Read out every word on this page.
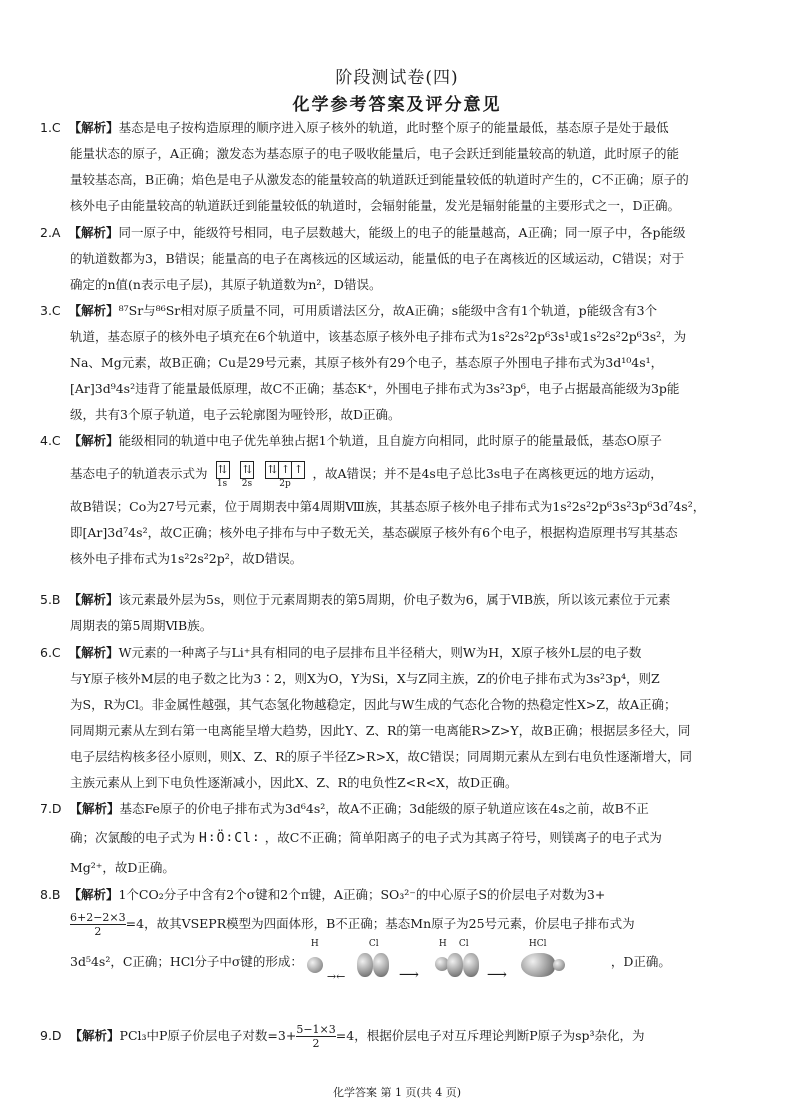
阶段测试卷(四)
化学参考答案及评分意见

1.C 【解析】基态是电子按构造原理的顺序进入原子核外的轨道，此时整个原子的能量最低，基态原子是处于最低

能量状态的原子，A正确；激发态为基态原子的电子吸收能量后，电子会跃迁到能量较高的轨道，此时原子的能

量较基态高，B正确；焰色是电子从激发态的能量较高的轨道跃迁到能量较低的轨道时产生的，C不正确；原子的

核外电子由能量较高的轨道跃迁到能量较低的轨道时，会辐射能量，发光是辐射能量的主要形式之一，D正确。

2.A 【解析】同一原子中，能级符号相同，电子层数越大，能级上的电子的能量越高，A正确；同一原子中，各p能级

的轨道数都为3，B错误；能量高的电子在离核远的区域运动，能量低的电子在离核近的区域运动，C错误；对于

确定的n值(n表示电子层)，其原子轨道数为n²，D错误。

3.C 【解析】⁸⁷Sr与⁸⁶Sr相对原子质量不同，可用质谱法区分，故A正确；s能级中含有1个轨道，p能级含有3个

轨道，基态原子的核外电子填充在6个轨道中，该基态原子核外电子排布式为1s²2s²2p⁶3s¹或1s²2s²2p⁶3s²，为

Na、Mg元素，故B正确；Cu是29号元素，其原子核外有29个电子，基态原子外围电子排布式为3d¹⁰4s¹，

[Ar]3d⁹4s²违背了能量最低原理，故C不正确；基态K⁺，外围电子排布式为3s²3p⁶，电子占据最高能级为3p能

级，共有3个原子轨道，电子云轮廓图为哑铃形，故D正确。

4.C 【解析】能级相同的轨道中电子优先单独占据1个轨道，且自旋方向相同，此时原子的能量最低，基态O原子

基态电子的轨道表示式为 ⇅
1s ⇅
2s ⇅ ↑ ↑
2p ，故A错误；并不是4s电子总比3s电子在离核更远的地方运动，

故B错误；Co为27号元素，位于周期表中第4周期Ⅷ族，其基态原子核外电子排布式为1s²2s²2p⁶3s²3p⁶3d⁷4s²，

即[Ar]3d⁷4s²，故C正确；核外电子排布与中子数无关，基态碳原子核外有6个电子，根据构造原理书写其基态

核外电子排布式为1s²2s²2p²，故D错误。

5.B 【解析】该元素最外层为5s，则位于元素周期表的第5周期，价电子数为6，属于ⅥB族，所以该元素位于元素

周期表的第5周期ⅥB族。

6.C 【解析】W元素的一种离子与Li⁺具有相同的电子层排布且半径稍大，则W为H，X原子核外L层的电子数

与Y原子核外M层的电子数之比为3∶2，则X为O，Y为Si，X与Z同主族，Z的价电子排布式为3s²3p⁴，则Z

为S，R为Cl。非金属性越强，其气态氢化物越稳定，因此与W生成的气态化合物的热稳定性X>Z，故A正确；

同周期元素从左到右第一电离能呈增大趋势，因此Y、Z、R的第一电离能R>Z>Y，故B正确；根据层多径大，同

电子层结构核多径小原则，则X、Z、R的原子半径Z>R>X，故C错误；同周期元素从左到右电负性逐渐增大，同

主族元素从上到下电负性逐渐减小，因此X、Z、R的电负性Z<R<X，故D正确。

7.D 【解析】基态Fe原子的价电子排布式为3d⁶4s²，故A不正确；3d能级的原子轨道应该在4s之前，故B不正

确；次氯酸的电子式为 H∶Ö∶Cl∶ ，故C不正确；简单阳离子的电子式为其离子符号，则镁离子的电子式为

Mg²⁺，故D正确。

8.B 【解析】1个CO₂分子中含有2个σ键和2个π键，A正确；SO₃²⁻的中心原子S的价层电子对数为3+

$\frac{6+2-2\times 3}{2} =4$，故其VSEPR模型为四面体形，B不正确；基态Mn原子为25号元素，价层电子排布式为

3d⁵4s²，C正确；HCl分子中σ键的形成：
H
→←
Cl
⟶
H Cl
⟶
HCl
，D正确。

9.D 【解析】PCl₃中P原子价层电子对数$=3+\frac{5-1\times 3}{2} =4$，根据价层电子对互斥理论判断P原子为sp³杂化，为

化学答案 第 1 页(共 4 页)
